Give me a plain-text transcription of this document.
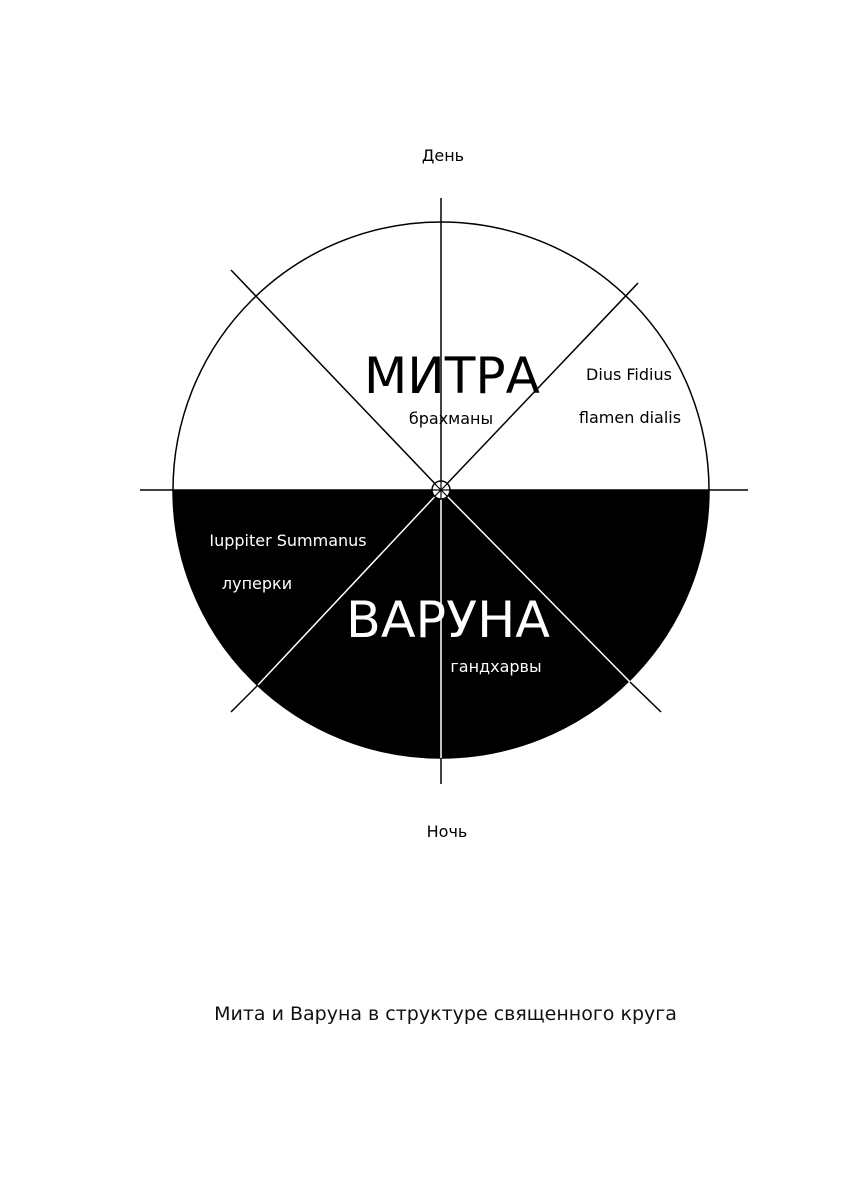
День
Ночь
МИТРА
брахманы
Dius Fidius
flamen dialis
Iuppiter Summanus
луперки
ВАРУНА
гандхарвы
Мита и Варуна в структуре священного круга
